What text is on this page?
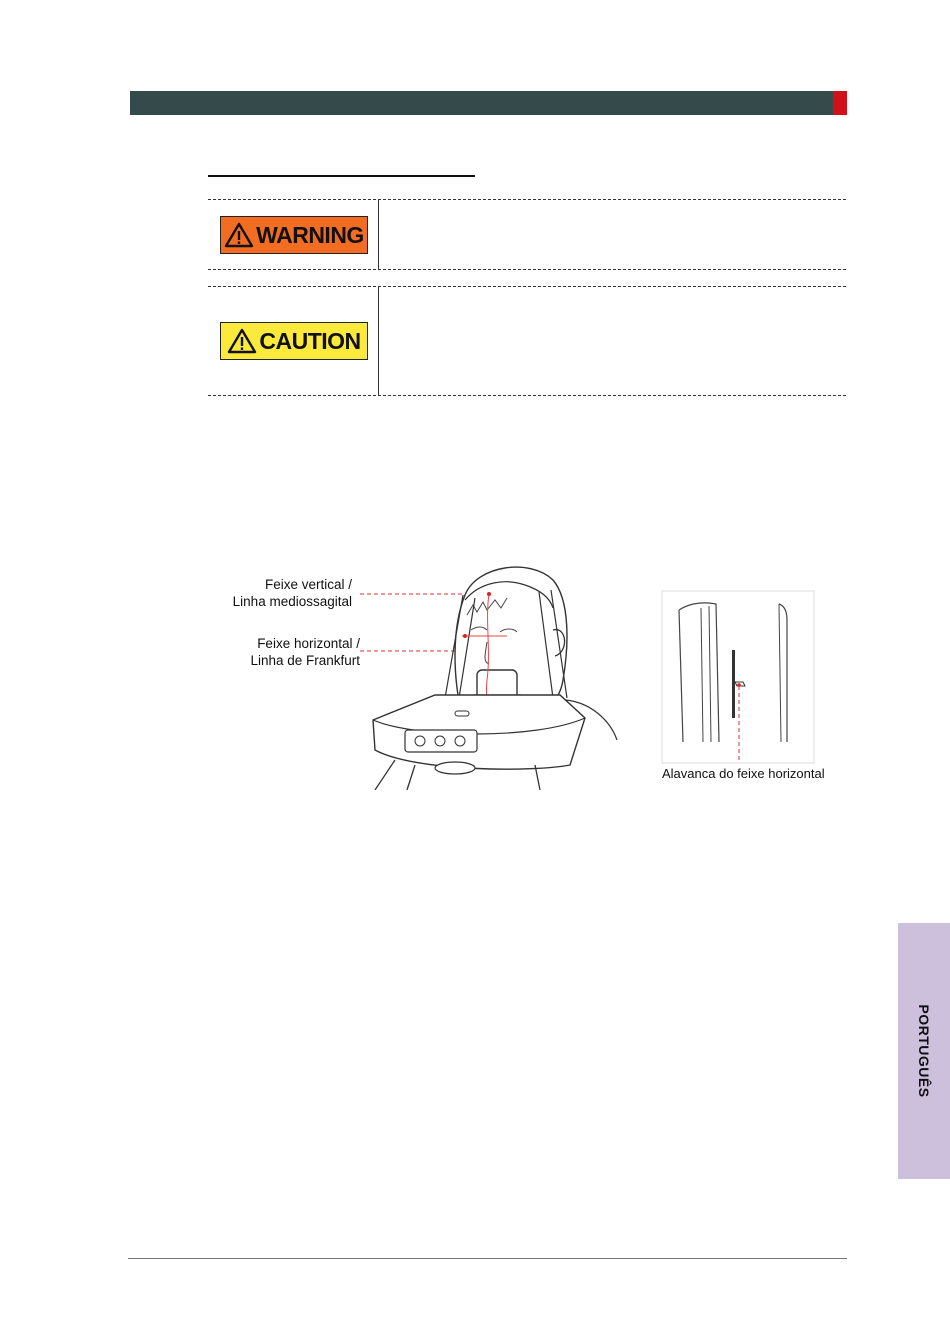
WARNING
CAUTION
Feixe vertical /
Linha mediossagital
Feixe horizontal /
Linha de Frankfurt
Alavanca do feixe horizontal
PORTUGUÊS
